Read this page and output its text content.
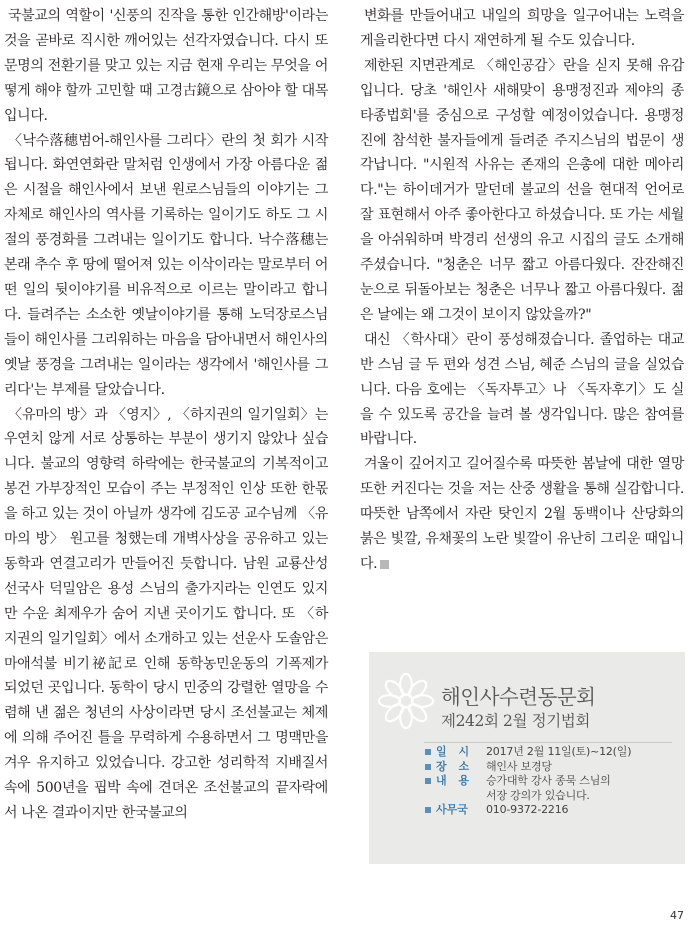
국불교의 역할이 '신풍의 진작을 통한 인간해방'이라는 것을 곧바로 직시한 깨어있는 선각자였습니다. 다시 또 문명의 전환기를 맞고 있는 지금 현재 우리는 무엇을 어떻게 해야 할까 고민할 때 고경古鏡으로 삼아야 할 대목입니다.

〈낙수落穗범어-해인사를 그리다〉란의 첫 회가 시작됩니다. 화연연화란 말처럼 인생에서 가장 아름다운 젊은 시절을 해인사에서 보낸 원로스님들의 이야기는 그 자체로 해인사의 역사를 기록하는 일이기도 하도 그 시절의 풍경화를 그려내는 일이기도 합니다. 낙수落穗는 본래 추수 후 땅에 떨어져 있는 이삭이라는 말로부터 어떤 일의 뒷이야기를 비유적으로 이르는 말이라고 합니다. 들려주는 소소한 옛날이야기를 통해 노덕장로스님들이 해인사를 그리워하는 마음을 담아내면서 해인사의 옛날 풍경을 그려내는 일이라는 생각에서 '해인사를 그리다'는 부제를 달았습니다.

〈유마의 방〉과 〈영지〉, 〈하지권의 일기일회〉는 우연치 않게 서로 상통하는 부분이 생기지 않았나 싶습니다. 불교의 영향력 하락에는 한국불교의 기복적이고 봉건 가부장적인 모습이 주는 부정적인 인상 또한 한몫을 하고 있는 것이 아닐까 생각에 김도공 교수님께 〈유마의 방〉 원고를 청했는데 개벽사상을 공유하고 있는 동학과 연결고리가 만들어진 듯합니다. 남원 교룡산성 선국사 덕밀암은 용성 스님의 출가지라는 인연도 있지만 수운 최제우가 숨어 지낸 곳이기도 합니다. 또 〈하지권의 일기일회〉에서 소개하고 있는 선운사 도솔암은 마애석불 비기祕記로 인해 동학농민운동의 기폭제가 되었던 곳입니다. 동학이 당시 민중의 강렬한 열망을 수렴해 낸 젊은 청년의 사상이라면 당시 조선불교는 체제에 의해 주어진 틀을 무력하게 수용하면서 그 명맥만을 겨우 유지하고 있었습니다. 강고한 성리학적 지배질서 속에 500년을 핍박 속에 견뎌온 조선불교의 끝자락에서 나온 결과이지만 한국불교의

변화를 만들어내고 내일의 희망을 일구어내는 노력을 게을리한다면 다시 재연하게 될 수도 있습니다.

제한된 지면관계로 〈해인공감〉란을 싣지 못해 유감입니다. 당초 '해인사 새해맞이 용맹정진과 제야의 종 타종법회'를 중심으로 구성할 예정이었습니다. 용맹정진에 참석한 불자들에게 들려준 주지스님의 법문이 생각납니다. "시원적 사유는 존재의 은총에 대한 메아리다."는 하이데거가 말던데 불교의 선을 현대적 언어로 잘 표현해서 아주 좋아한다고 하셨습니다. 또 가는 세월을 아쉬워하며 박경리 선생의 유고 시집의 글도 소개해 주셨습니다. "청춘은 너무 짧고 아름다웠다. 잔잔해진 눈으로 뒤돌아보는 청춘은 너무나 짧고 아름다웠다. 젊은 날에는 왜 그것이 보이지 않았을까?"

대신 〈학사대〉란이 풍성해졌습니다. 졸업하는 대교반 스님 글 두 편와 성견 스님, 혜준 스님의 글을 실었습니다. 다음 호에는 〈독자투고〉나 〈독자후기〉도 실을 수 있도록 공간을 늘려 볼 생각입니다. 많은 참여를 바랍니다.

겨울이 깊어지고 길어질수록 따뜻한 봄날에 대한 열망 또한 커진다는 것을 저는 산중 생활을 통해 실감합니다. 따뜻한 남쪽에서 자란 탓인지 2월 동백이나 산당화의 붉은 빛깔, 유채꽃의 노란 빛깔이 유난히 그리운 때입니다.

해인사수련동문회
제242회 2월 정기법회
일 시	2017년 2월 11일(토)~12(일)
장 소	해인사 보경당
내 용	승가대학 강사 종묵 스님의
서장 강의가 있습니다.
사무국	010-9372-2216
47
